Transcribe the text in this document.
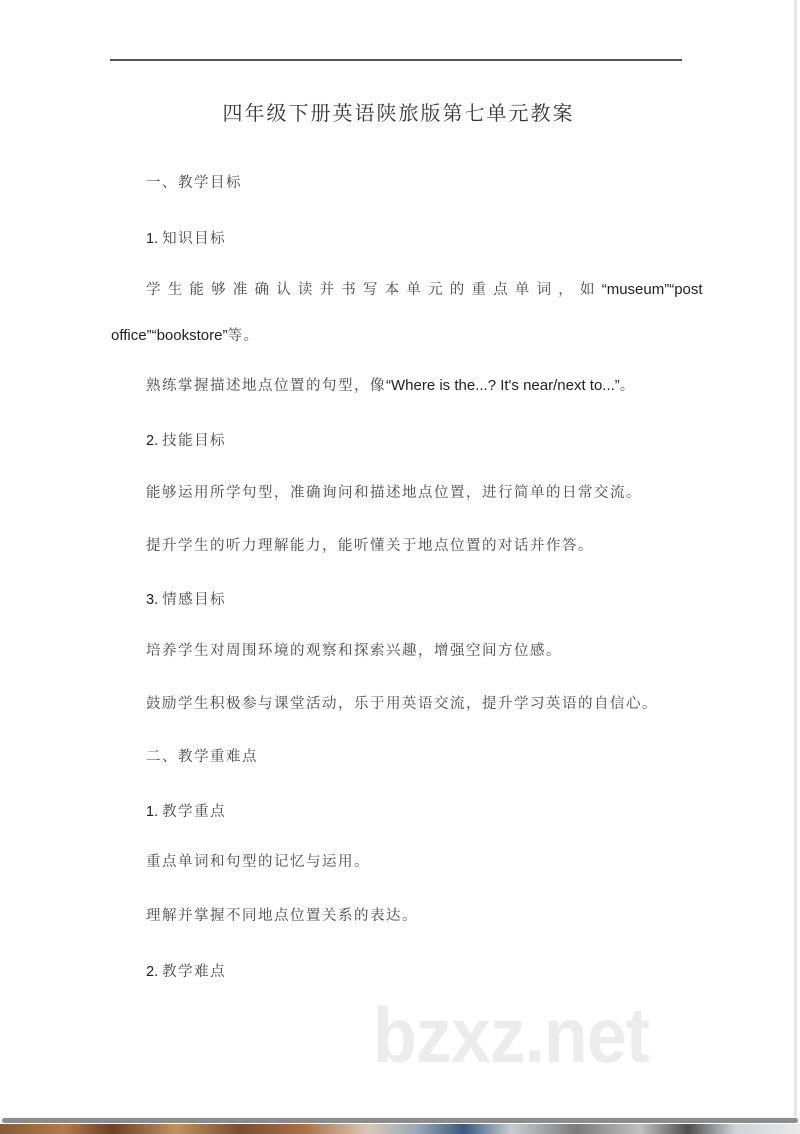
四年级下册英语陕旅版第七单元教案
一、教学目标
1. 知识目标
学生能够准确认读并书写本单元的重点单词，如“museum”“post
office”“bookstore”等。
熟练掌握描述地点位置的句型，像“Where is the...? It's near/next to...”。
2. 技能目标
能够运用所学句型，准确询问和描述地点位置，进行简单的日常交流。
提升学生的听力理解能力，能听懂关于地点位置的对话并作答。
3. 情感目标
培养学生对周围环境的观察和探索兴趣，增强空间方位感。
鼓励学生积极参与课堂活动，乐于用英语交流，提升学习英语的自信心。
二、教学重难点
1. 教学重点
重点单词和句型的记忆与运用。
理解并掌握不同地点位置关系的表达。
2. 教学难点
bzxz.net
